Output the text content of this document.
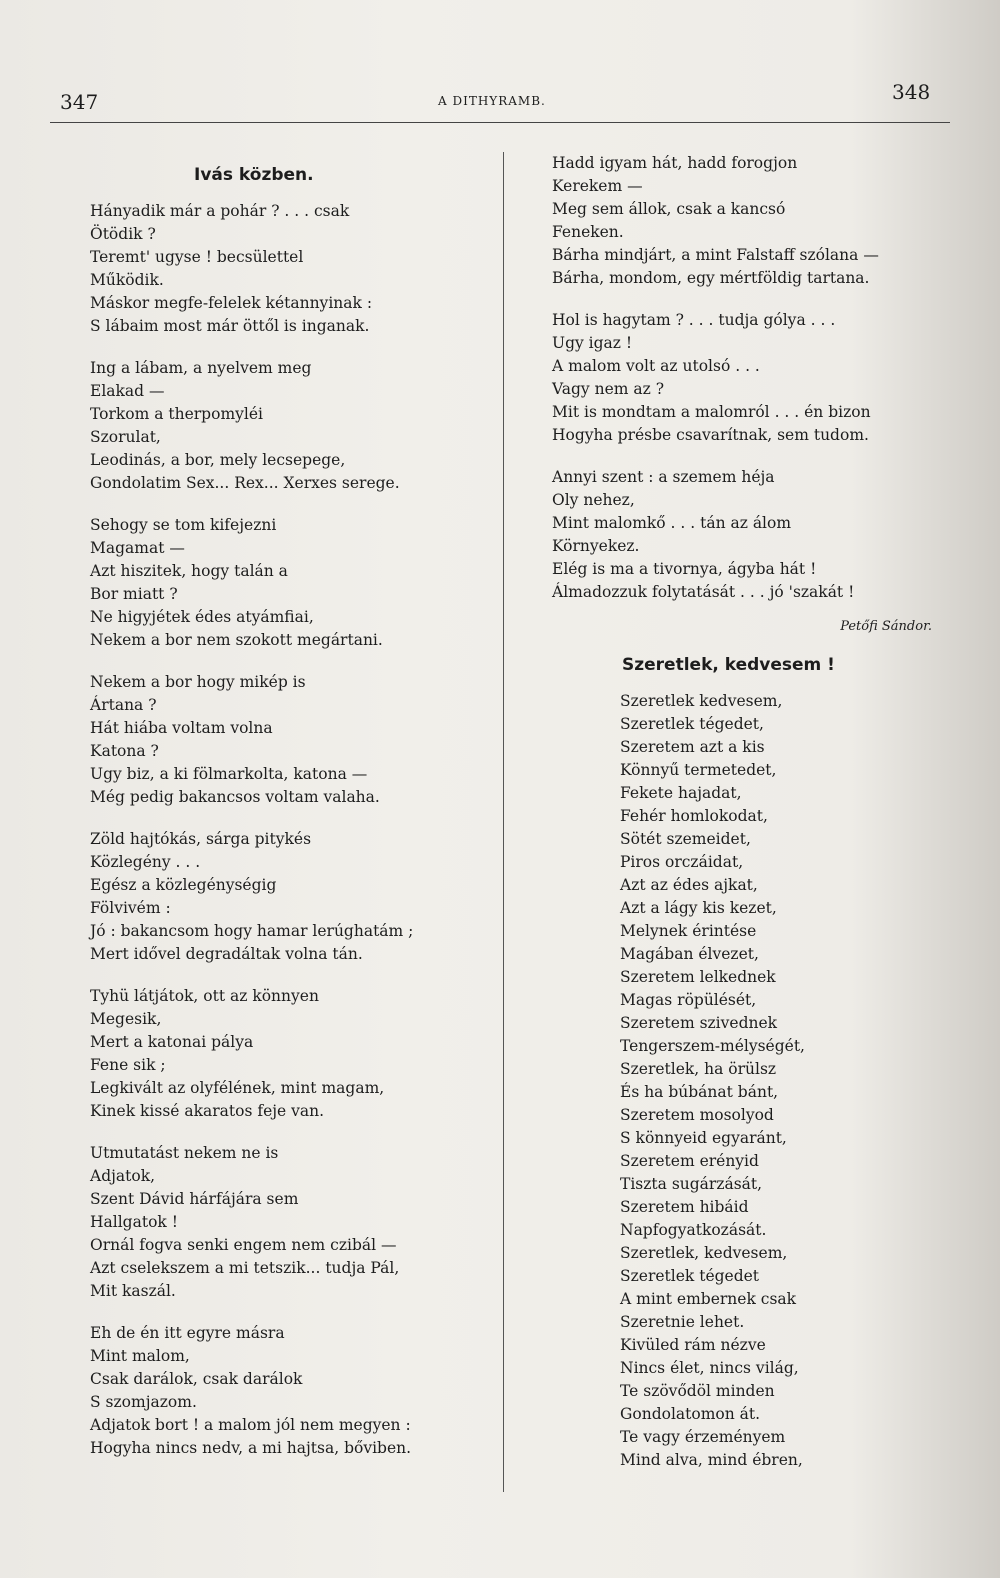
347	A DITHYRAMB.	348
Ivás közben.
Hányadik már a pohár ? . . . csak
Ötödik ?
Teremt' ugyse ! becsülettel
Működik.
Máskor megfe-felelek kétannyinak :
S lábaim most már öttől is inganak.
Ing a lábam, a nyelvem meg
Elakad —
Torkom a therpomyléi
Szorulat,
Leodinás, a bor, mely lecsepege,
Gondolatim Sex... Rex... Xerxes serege.
Sehogy se tom kifejezni
Magamat —
Azt hiszitek, hogy talán a
Bor miatt ?
Ne higyjétek édes atyámfiai,
Nekem a bor nem szokott megártani.
Nekem a bor hogy mikép is
Ártana ?
Hát hiába voltam volna
Katona ?
Ugy biz, a ki fölmarkolta, katona —
Még pedig bakancsos voltam valaha.
Zöld hajtókás, sárga pitykés
Közlegény . . .
Egész a közlegénységig
Fölvivém :
Jó : bakancsom hogy hamar lerúghatám ;
Mert idővel degradáltak volna tán.
Tyhü látjátok, ott az könnyen
Megesik,
Mert a katonai pálya
Fene sik ;
Legkivált az olyfélének, mint magam,
Kinek kissé akaratos feje van.
Utmutatást nekem ne is
Adjatok,
Szent Dávid hárfájára sem
Hallgatok !
Ornál fogva senki engem nem czibál —
Azt cselekszem a mi tetszik... tudja Pál,
Mit kaszál.
Eh de én itt egyre másra
Mint malom,
Csak darálok, csak darálok
S szomjazom.
Adjatok bort ! a malom jól nem megyen :
Hogyha nincs nedv, a mi hajtsa, bőviben.
Hadd igyam hát, hadd forogjon
Kerekem —
Meg sem állok, csak a kancsó
Feneken.
Bárha mindjárt, a mint Falstaff szólana —
Bárha, mondom, egy mértföldig tartana.
Hol is hagytam ? . . . tudja gólya . . .
Ugy igaz !
A malom volt az utolsó . . .
Vagy nem az ?
Mit is mondtam a malomról . . . én bizon
Hogyha présbe csavarítnak, sem tudom.
Annyi szent : a szemem héja
Oly nehez,
Mint malomkő . . . tán az álom
Környekez.
Elég is ma a tivornya, ágyba hát !
Álmadozzuk folytatását . . . jó 'szakát !
Petőfi Sándor.
Szeretlek, kedvesem !
Szeretlek kedvesem,
Szeretlek tégedet,
Szeretem azt a kis
Könnyű termetedet,
Fekete hajadat,
Fehér homlokodat,
Sötét szemeidet,
Piros orczáidat,
Azt az édes ajkat,
Azt a lágy kis kezet,
Melynek érintése
Magában élvezet,
Szeretem lelkednek
Magas röpülését,
Szeretem szivednek
Tengerszem-mélységét,
Szeretlek, ha örülsz
És ha búbánat bánt,
Szeretem mosolyod
S könnyeid egyaránt,
Szeretem erényid
Tiszta sugárzását,
Szeretem hibáid
Napfogyatkozását.
Szeretlek, kedvesem,
Szeretlek tégedet
A mint embernek csak
Szeretnie lehet.
Kivüled rám nézve
Nincs élet, nincs világ,
Te szövődöl minden
Gondolatomon át.
Te vagy érzeményem
Mind alva, mind ébren,
